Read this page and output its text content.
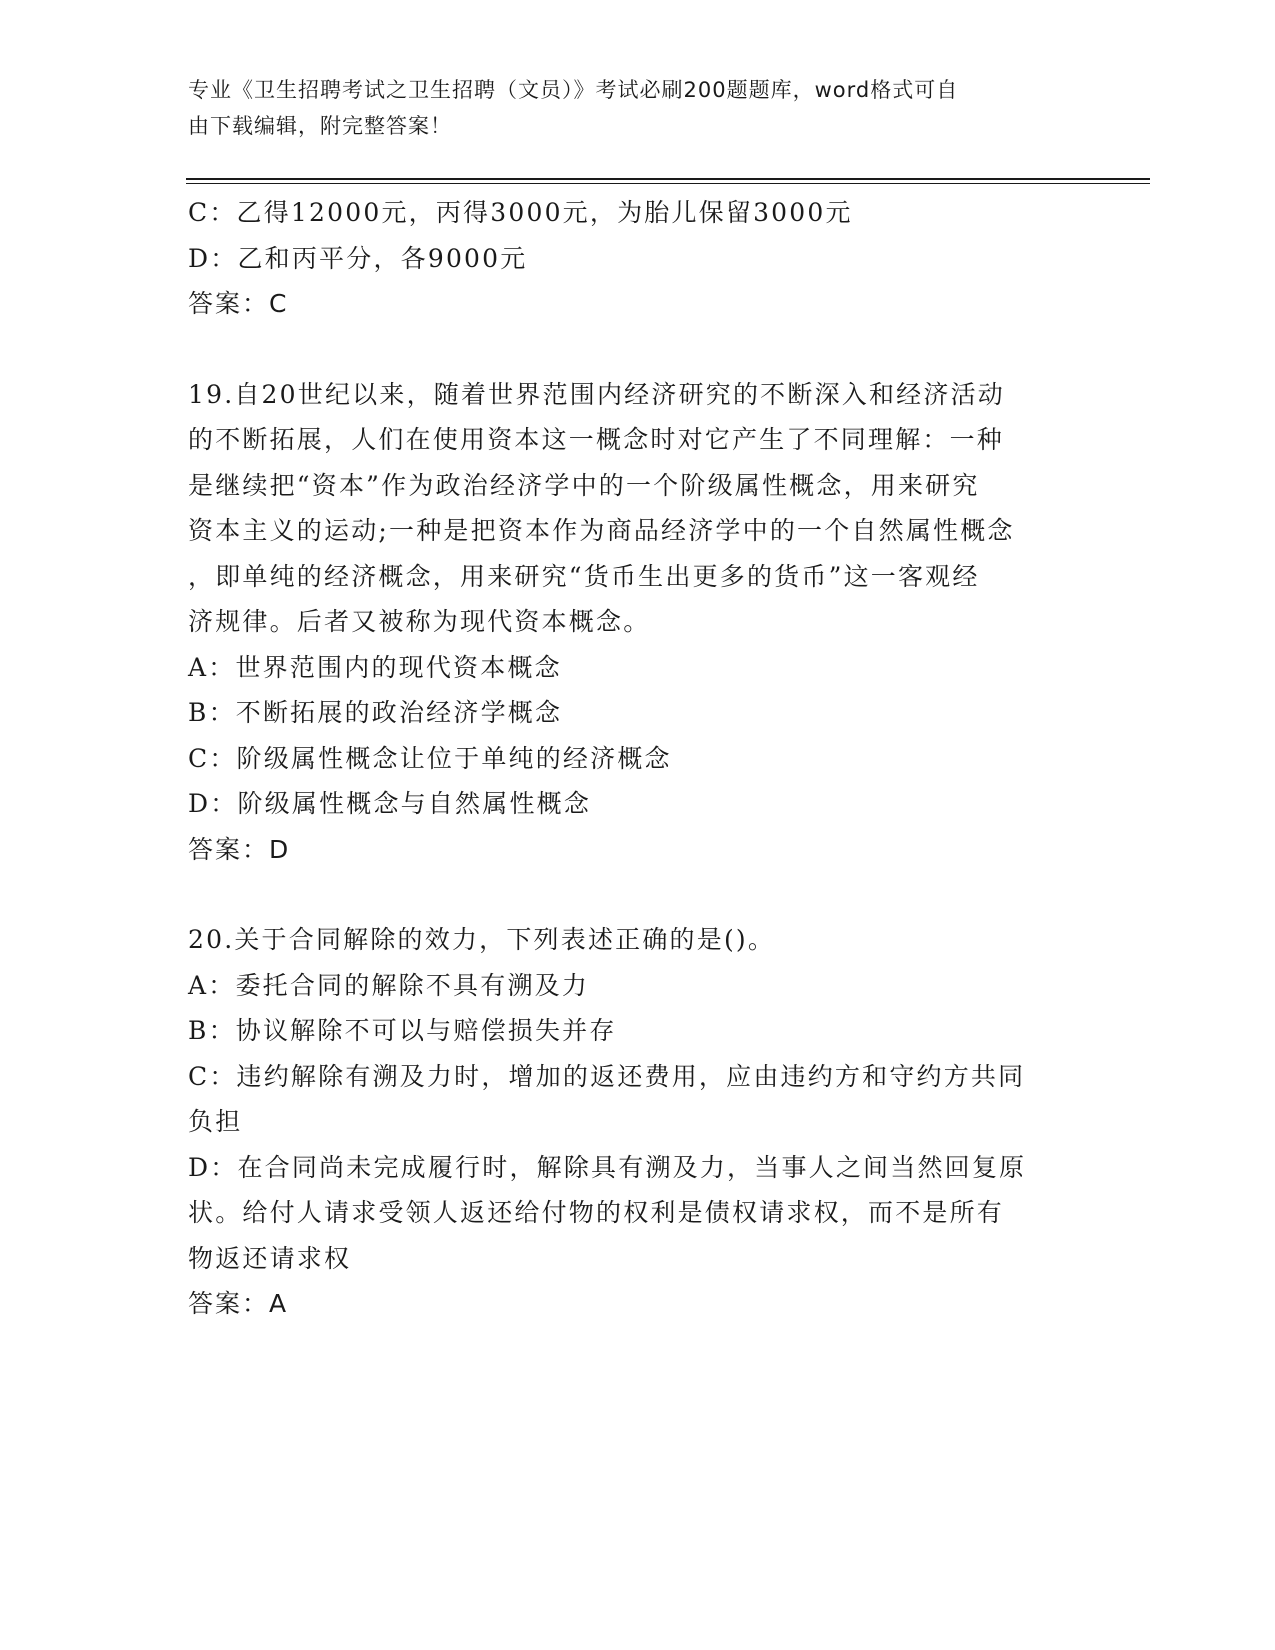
专业《卫生招聘考试之卫生招聘（文员）》考试必刷200题题库，word格式可自
由下载编辑，附完整答案！
C：乙得12000元，丙得3000元，为胎儿保留3000元
D：乙和丙平分，各9000元
答案：C
19.自20世纪以来，随着世界范围内经济研究的不断深入和经济活动
的不断拓展，人们在使用资本这一概念时对它产生了不同理解：一种
是继续把“资本”作为政治经济学中的一个阶级属性概念，用来研究
资本主义的运动;一种是把资本作为商品经济学中的一个自然属性概念
，即单纯的经济概念，用来研究“货币生出更多的货币”这一客观经
济规律。后者又被称为现代资本概念。
A：世界范围内的现代资本概念
B：不断拓展的政治经济学概念
C：阶级属性概念让位于单纯的经济概念
D：阶级属性概念与自然属性概念
答案：D
20.关于合同解除的效力，下列表述正确的是()。
A：委托合同的解除不具有溯及力
B：协议解除不可以与赔偿损失并存
C：违约解除有溯及力时，增加的返还费用，应由违约方和守约方共同
负担
D：在合同尚未完成履行时，解除具有溯及力，当事人之间当然回复原
状。给付人请求受领人返还给付物的权利是债权请求权，而不是所有
物返还请求权
答案：A
